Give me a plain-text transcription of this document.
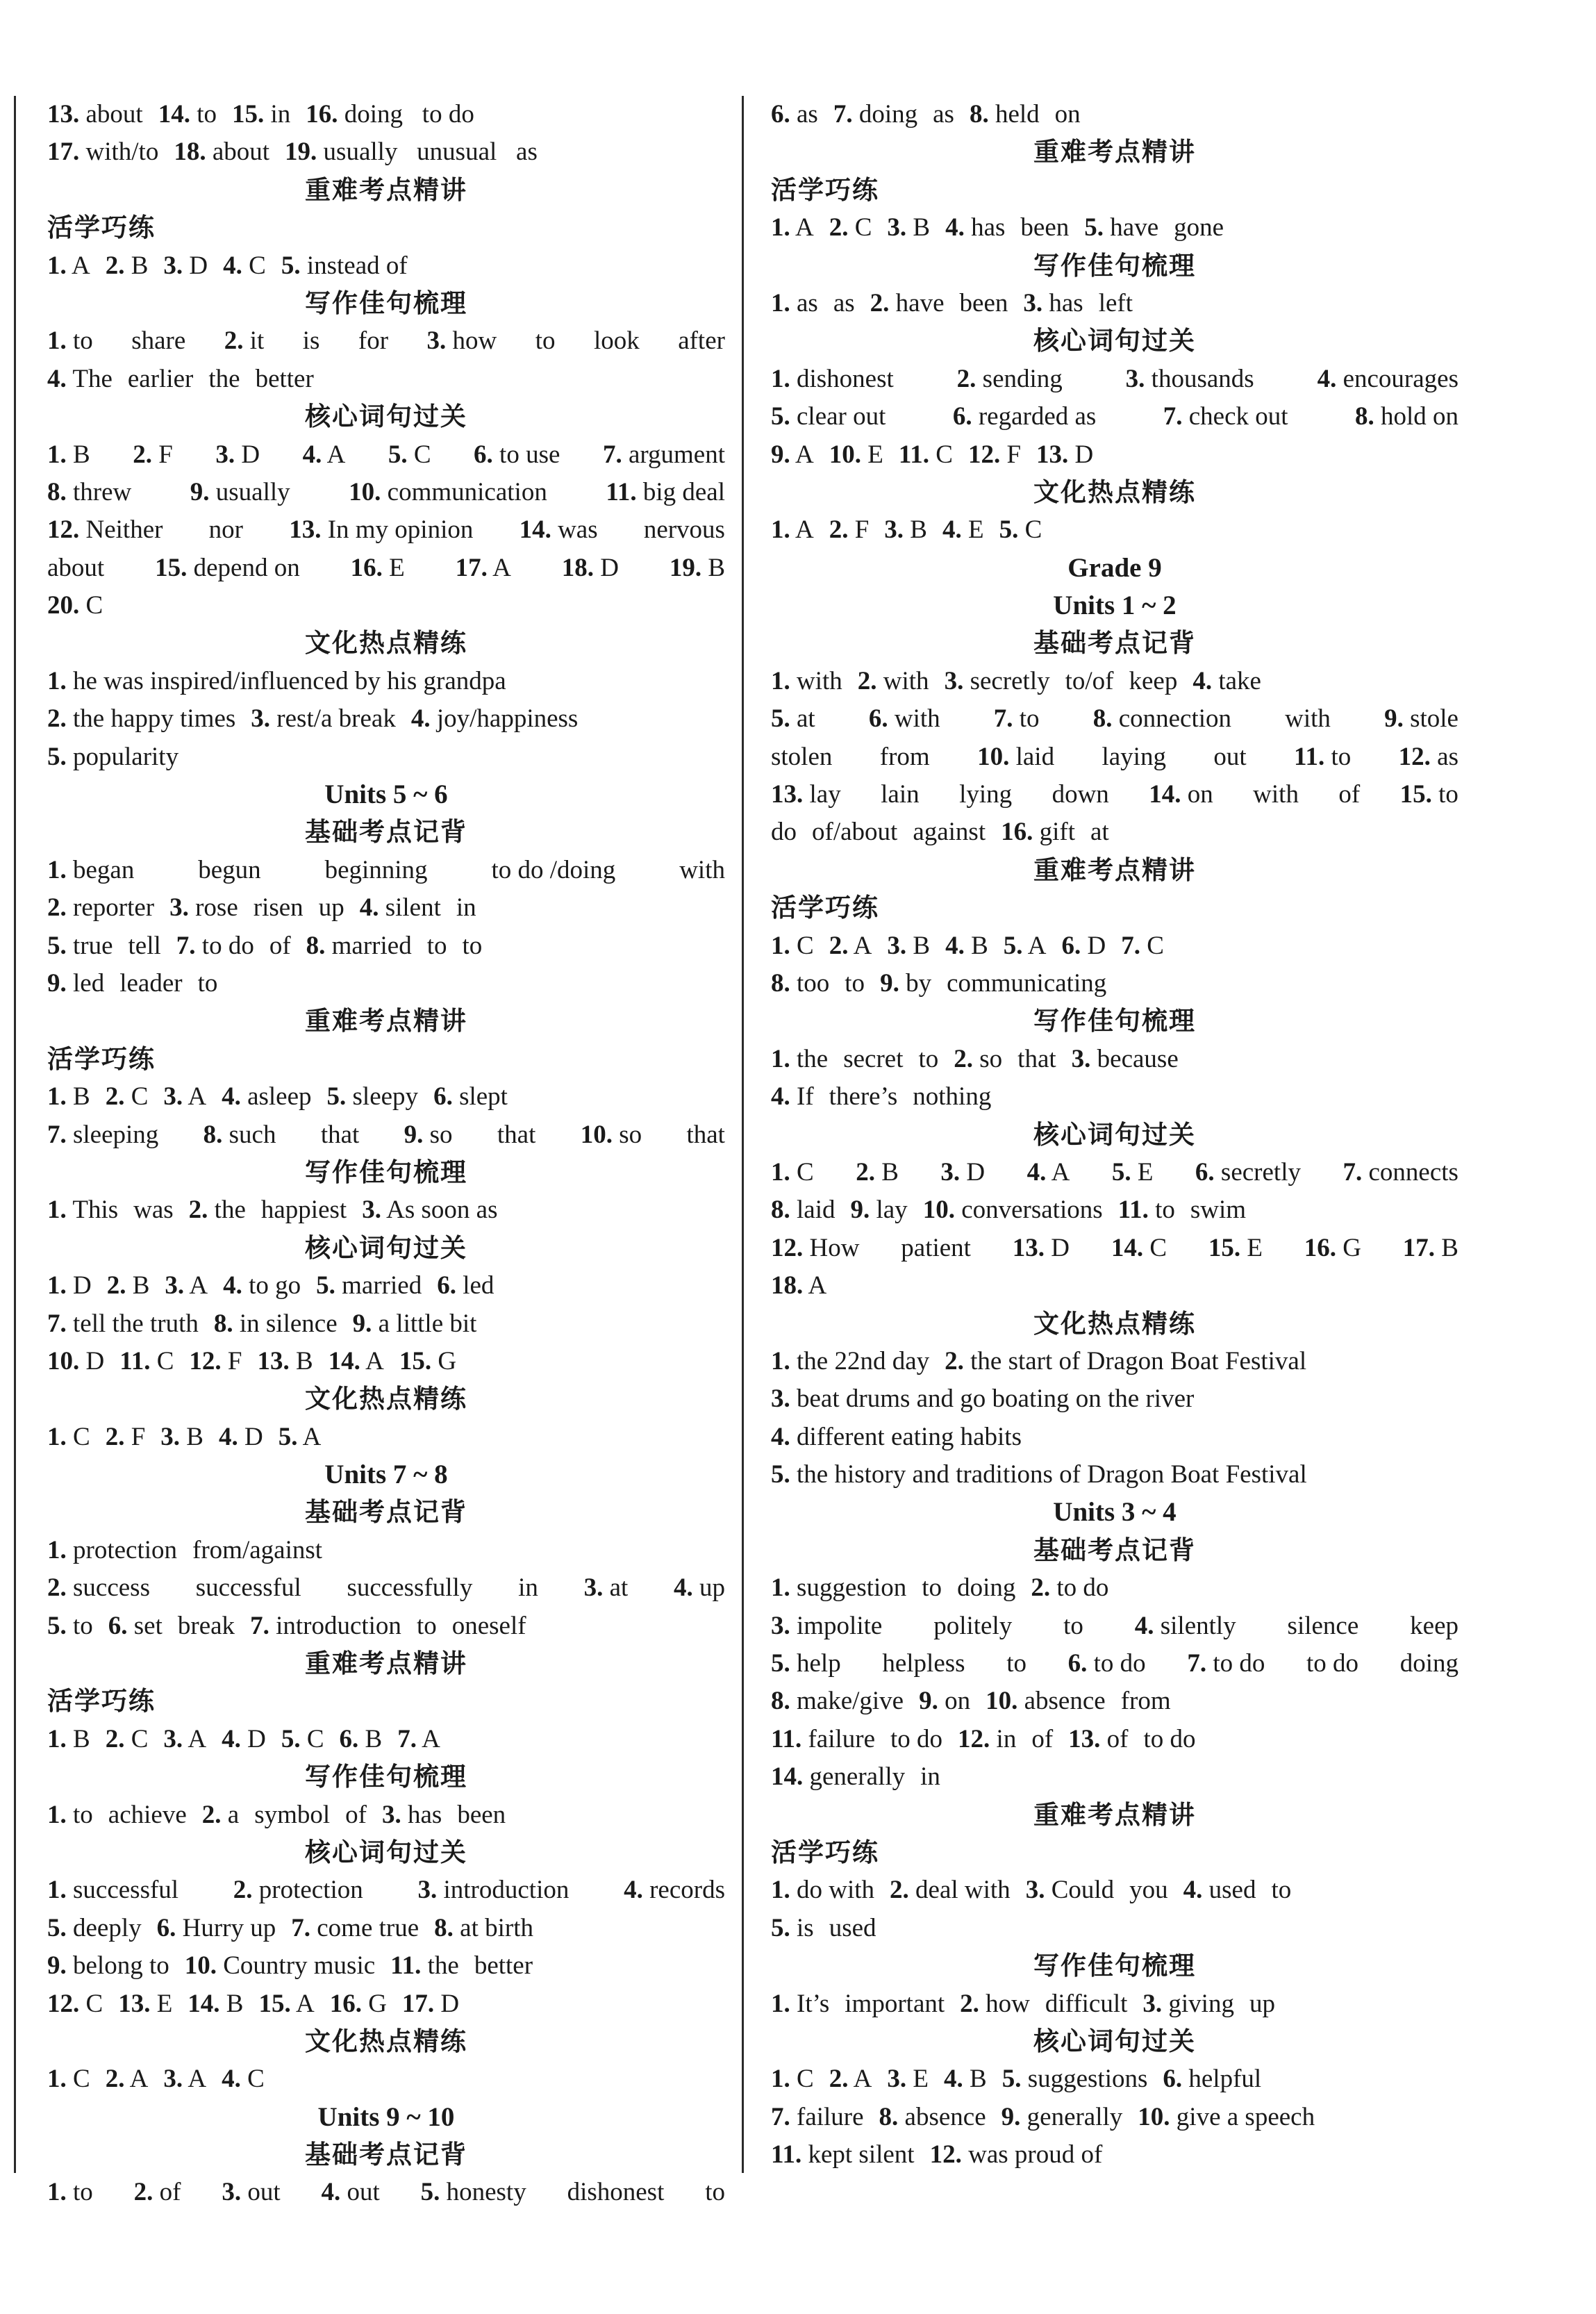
13. about 14. to 15. in 16. doing   to do
17. with/to 18. about 19. usually   unusual   as
重难考点精讲
活学巧练
1. A 2. B 3. D 4. C 5. instead of
写作佳句梳理
1. to share 2. it is for 3. how to look after
4. The earlier the better
核心词句过关
1. B 2. F 3. D 4. A 5. C 6. to use 7. argument
8. threw 9. usually 10. communication 11. big deal
12. Neither nor 13. In my opinion 14. was nervous
about 15. depend on 16. E 17. A 18. D 19. B
20. C
文化热点精练
1. he was inspired/influenced by his grandpa
2. the happy times 3. rest/a break 4. joy/happiness
5. popularity
Units 5 ~ 6
基础考点记背
1. began begun beginning to do /doing with
2. reporter 3. rose risen up 4. silent in
5. true tell 7. to do of 8. married to to
9. led leader to
重难考点精讲
活学巧练
1. B 2. C 3. A 4. asleep 5. sleepy 6. slept
7. sleeping 8. such that 9. so that 10. so that
写作佳句梳理
1. This was 2. the happiest 3. As soon as
核心词句过关
1. D 2. B 3. A 4. to go 5. married 6. led
7. tell the truth 8. in silence 9. a little bit
10. D 11. C 12. F 13. B 14. A 15. G
文化热点精练
1. C 2. F 3. B 4. D 5. A
Units 7 ~ 8
基础考点记背
1. protection from/against
2. success successful successfully in 3. at 4. up
5. to 6. set break 7. introduction to oneself
重难考点精讲
活学巧练
1. B 2. C 3. A 4. D 5. C 6. B 7. A
写作佳句梳理
1. to achieve 2. a symbol of 3. has been
核心词句过关
1. successful 2. protection 3. introduction 4. records
5. deeply 6. Hurry up 7. come true 8. at birth
9. belong to 10. Country music 11. the better
12. C 13. E 14. B 15. A 16. G 17. D
文化热点精练
1. C 2. A 3. A 4. C
Units 9 ~ 10
基础考点记背
1. to 2. of 3. out 4. out 5. honesty dishonest to
6. as 7. doing as 8. held on
重难考点精讲
活学巧练
1. A 2. C 3. B 4. has been 5. have gone
写作佳句梳理
1. as as 2. have been 3. has left
核心词句过关
1. dishonest 2. sending 3. thousands 4. encourages
5. clear out	6. regarded as	7. check out	8. hold on
9. A 10. E 11. C 12. F 13. D
文化热点精练
1. A 2. F 3. B 4. E 5. C
Grade 9
Units 1 ~ 2
基础考点记背
1. with 2. with 3. secretly to/of keep 4. take
5. at 6. with 7. to 8. connection with 9. stole
stolen from 10. laid laying out 11. to 12. as
13. lay lain lying down 14. on with of 15. to
do of/about against 16. gift at
重难考点精讲
活学巧练
1. C 2. A 3. B 4. B 5. A 6. D 7. C
8. too to 9. by communicating
写作佳句梳理
1. the secret to 2. so that 3. because
4. If there’s nothing
核心词句过关
1. C 2. B 3. D 4. A 5. E 6. secretly 7. connects
8. laid 9. lay 10. conversations 11. to swim
12. How patient 13. D 14. C 15. E 16. G 17. B
18. A
文化热点精练
1. the 22nd day 2. the start of Dragon Boat Festival
3. beat drums and go boating on the river
4. different eating habits
5. the history and traditions of Dragon Boat Festival
Units 3 ~ 4
基础考点记背
1. suggestion to doing 2. to do
3. impolite politely to 4. silently silence keep
5. help helpless to 6. to do 7. to do to do doing
8. make/give 9. on 10. absence from
11. failure to do 12. in of 13. of to do
14. generally in
重难考点精讲
活学巧练
1. do with 2. deal with 3. Could you 4. used to
5. is used
写作佳句梳理
1. It’s important 2. how difficult 3. giving up
核心词句过关
1. C 2. A 3. E 4. B 5. suggestions 6. helpful
7. failure 8. absence 9. generally 10. give a speech
11. kept silent 12. was proud of
